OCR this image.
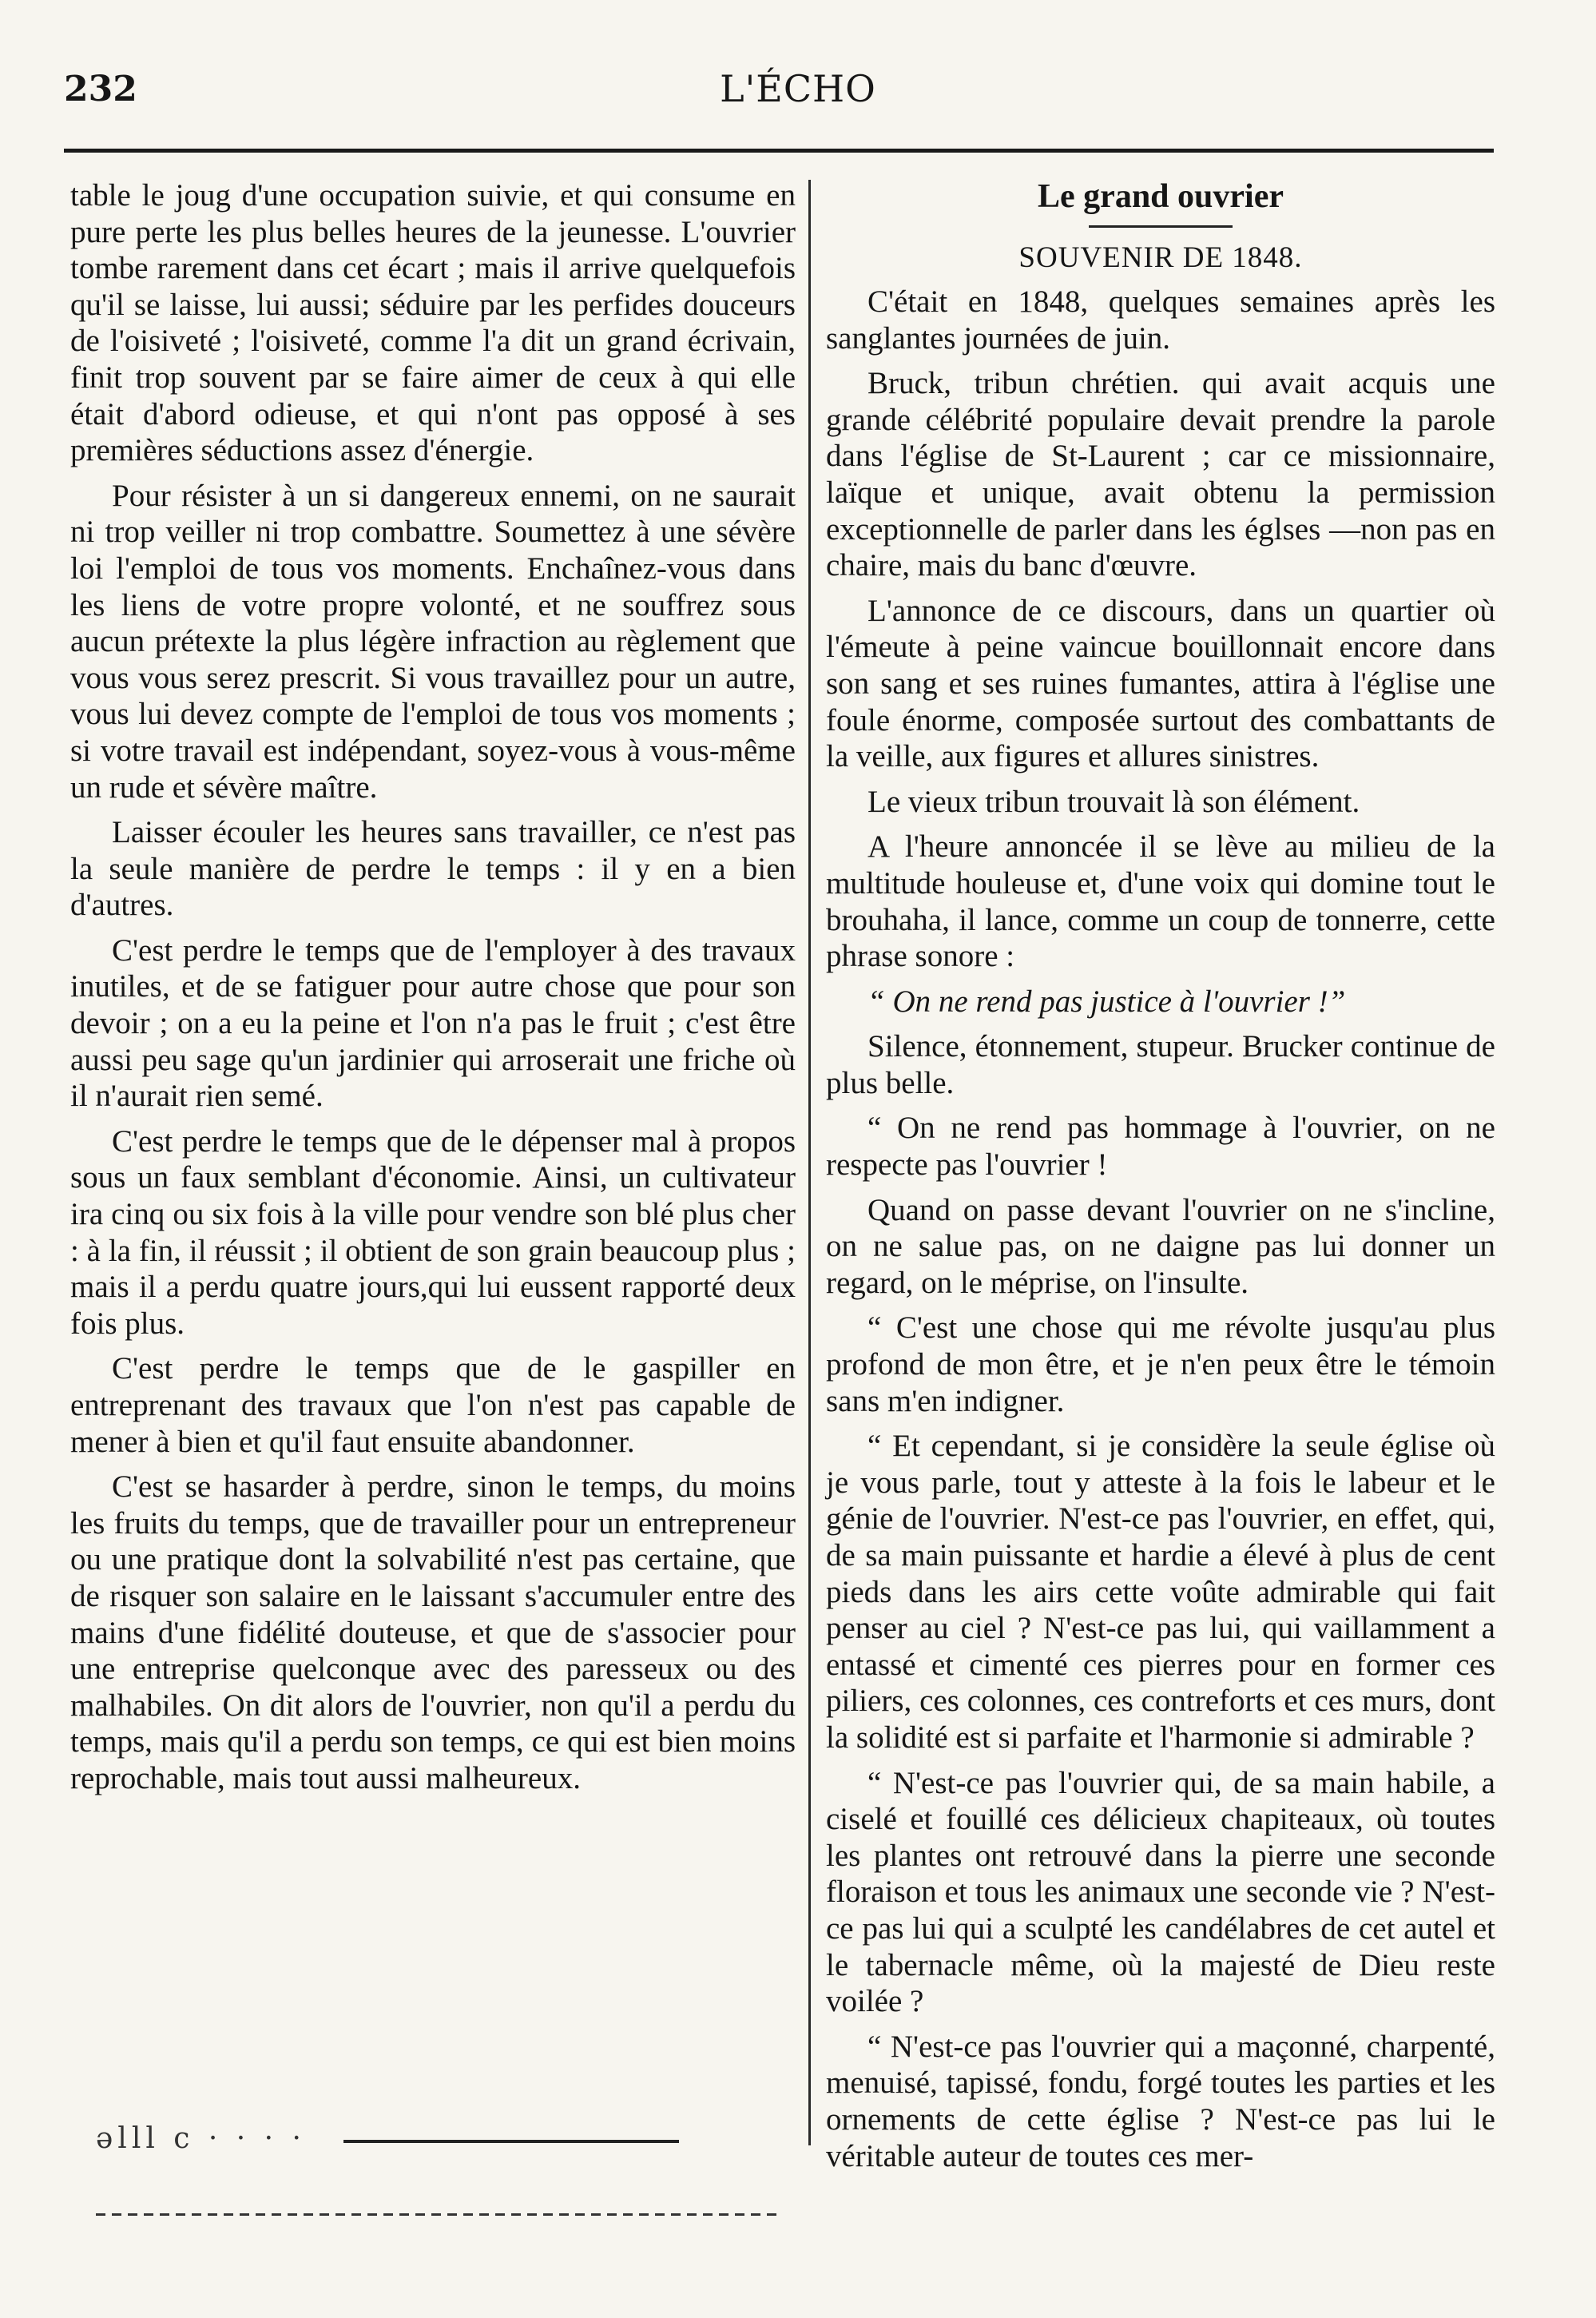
232	L'ÉCHO

table le joug d'une occupation suivie, et qui consume en pure perte les plus belles heures de la jeunesse. L'ouvrier tombe rarement dans cet écart ; mais il arrive quelquefois qu'il se laisse, lui aussi; séduire par les perfides douceurs de l'oisiveté ; l'oisiveté, comme l'a dit un grand écrivain, finit trop souvent par se faire aimer de ceux à qui elle était d'abord odieuse, et qui n'ont pas opposé à ses premières séductions assez d'énergie.

Pour résister à un si dangereux ennemi, on ne saurait ni trop veiller ni trop combattre. Soumettez à une sévère loi l'emploi de tous vos moments. Enchaînez-vous dans les liens de votre propre volonté, et ne souffrez sous aucun prétexte la plus légère infraction au règlement que vous vous serez prescrit. Si vous travaillez pour un autre, vous lui devez compte de l'emploi de tous vos moments ; si votre travail est indépendant, soyez-vous à vous-même un rude et sévère maître.

Laisser écouler les heures sans travailler, ce n'est pas la seule manière de perdre le temps : il y en a bien d'autres.

C'est perdre le temps que de l'employer à des travaux inutiles, et de se fatiguer pour autre chose que pour son devoir ; on a eu la peine et l'on n'a pas le fruit ; c'est être aussi peu sage qu'un jardinier qui arroserait une friche où il n'aurait rien semé.

C'est perdre le temps que de le dépenser mal à propos sous un faux semblant d'économie. Ainsi, un cultivateur ira cinq ou six fois à la ville pour vendre son blé plus cher : à la fin, il réussit ; il obtient de son grain beaucoup plus ; mais il a perdu quatre jours,qui lui eussent rapporté deux fois plus.

C'est perdre le temps que de le gaspiller en entreprenant des travaux que l'on n'est pas capable de mener à bien et qu'il faut ensuite abandonner.

C'est se hasarder à perdre, sinon le temps, du moins les fruits du temps, que de travailler pour un entrepreneur ou une pratique dont la solvabilité n'est pas certaine, que de risquer son salaire en le laissant s'accumuler entre des mains d'une fidélité douteuse, et que de s'associer pour une entreprise quelconque avec des paresseux ou des malhabiles. On dit alors de l'ouvrier, non qu'il a perdu du temps, mais qu'il a perdu son temps, ce qui est bien moins reprochable, mais tout aussi malheureux.

Le grand ouvrier
SOUVENIR DE 1848.

C'était en 1848, quelques semaines après les sanglantes journées de juin.

Bruck, tribun chrétien. qui avait acquis une grande célébrité populaire devait prendre la parole dans l'église de St-Laurent ; car ce missionnaire, laïque et unique, avait obtenu la permission exceptionnelle de parler dans les églses —non pas en chaire, mais du banc d'œuvre.

L'annonce de ce discours, dans un quartier où l'émeute à peine vaincue bouillonnait encore dans son sang et ses ruines fumantes, attira à l'église une foule énorme, composée surtout des combattants de la veille, aux figures et allures sinistres.

Le vieux tribun trouvait là son élément.

A l'heure annoncée il se lève au milieu de la multitude houleuse et, d'une voix qui domine tout le brouhaha, il lance, comme un coup de tonnerre, cette phrase sonore :

“ On ne rend pas justice à l'ouvrier !”

Silence, étonnement, stupeur. Brucker continue de plus belle.

“ On ne rend pas hommage à l'ouvrier, on ne respecte pas l'ouvrier !

Quand on passe devant l'ouvrier on ne s'incline, on ne salue pas, on ne daigne pas lui donner un regard, on le méprise, on l'insulte.

“ C'est une chose qui me révolte jusqu'au plus profond de mon être, et je n'en peux être le témoin sans m'en indigner.

“ Et cependant, si je considère la seule église où je vous parle, tout y atteste à la fois le labeur et le génie de l'ouvrier. N'est-ce pas l'ouvrier, en effet, qui, de sa main puissante et hardie a élevé à plus de cent pieds dans les airs cette voûte admirable qui fait penser au ciel ? N'est-ce pas lui, qui vaillamment a entassé et cimenté ces pierres pour en former ces piliers, ces colonnes, ces contreforts et ces murs, dont la solidité est si parfaite et l'harmonie si admirable ?

“ N'est-ce pas l'ouvrier qui, de sa main habile, a ciselé et fouillé ces délicieux chapiteaux, où toutes les plantes ont retrouvé dans la pierre une seconde floraison et tous les animaux une seconde vie ? N'est-ce pas lui qui a sculpté les candélabres de cet autel et le tabernacle même, où la majesté de Dieu reste voilée ?

“ N'est-ce pas l'ouvrier qui a maçonné, charpenté, menuisé, tapissé, fondu, forgé toutes les parties et les ornements de cette église ? N'est-ce pas lui le véritable auteur de toutes ces mer-

ǝlll c · · · ·
